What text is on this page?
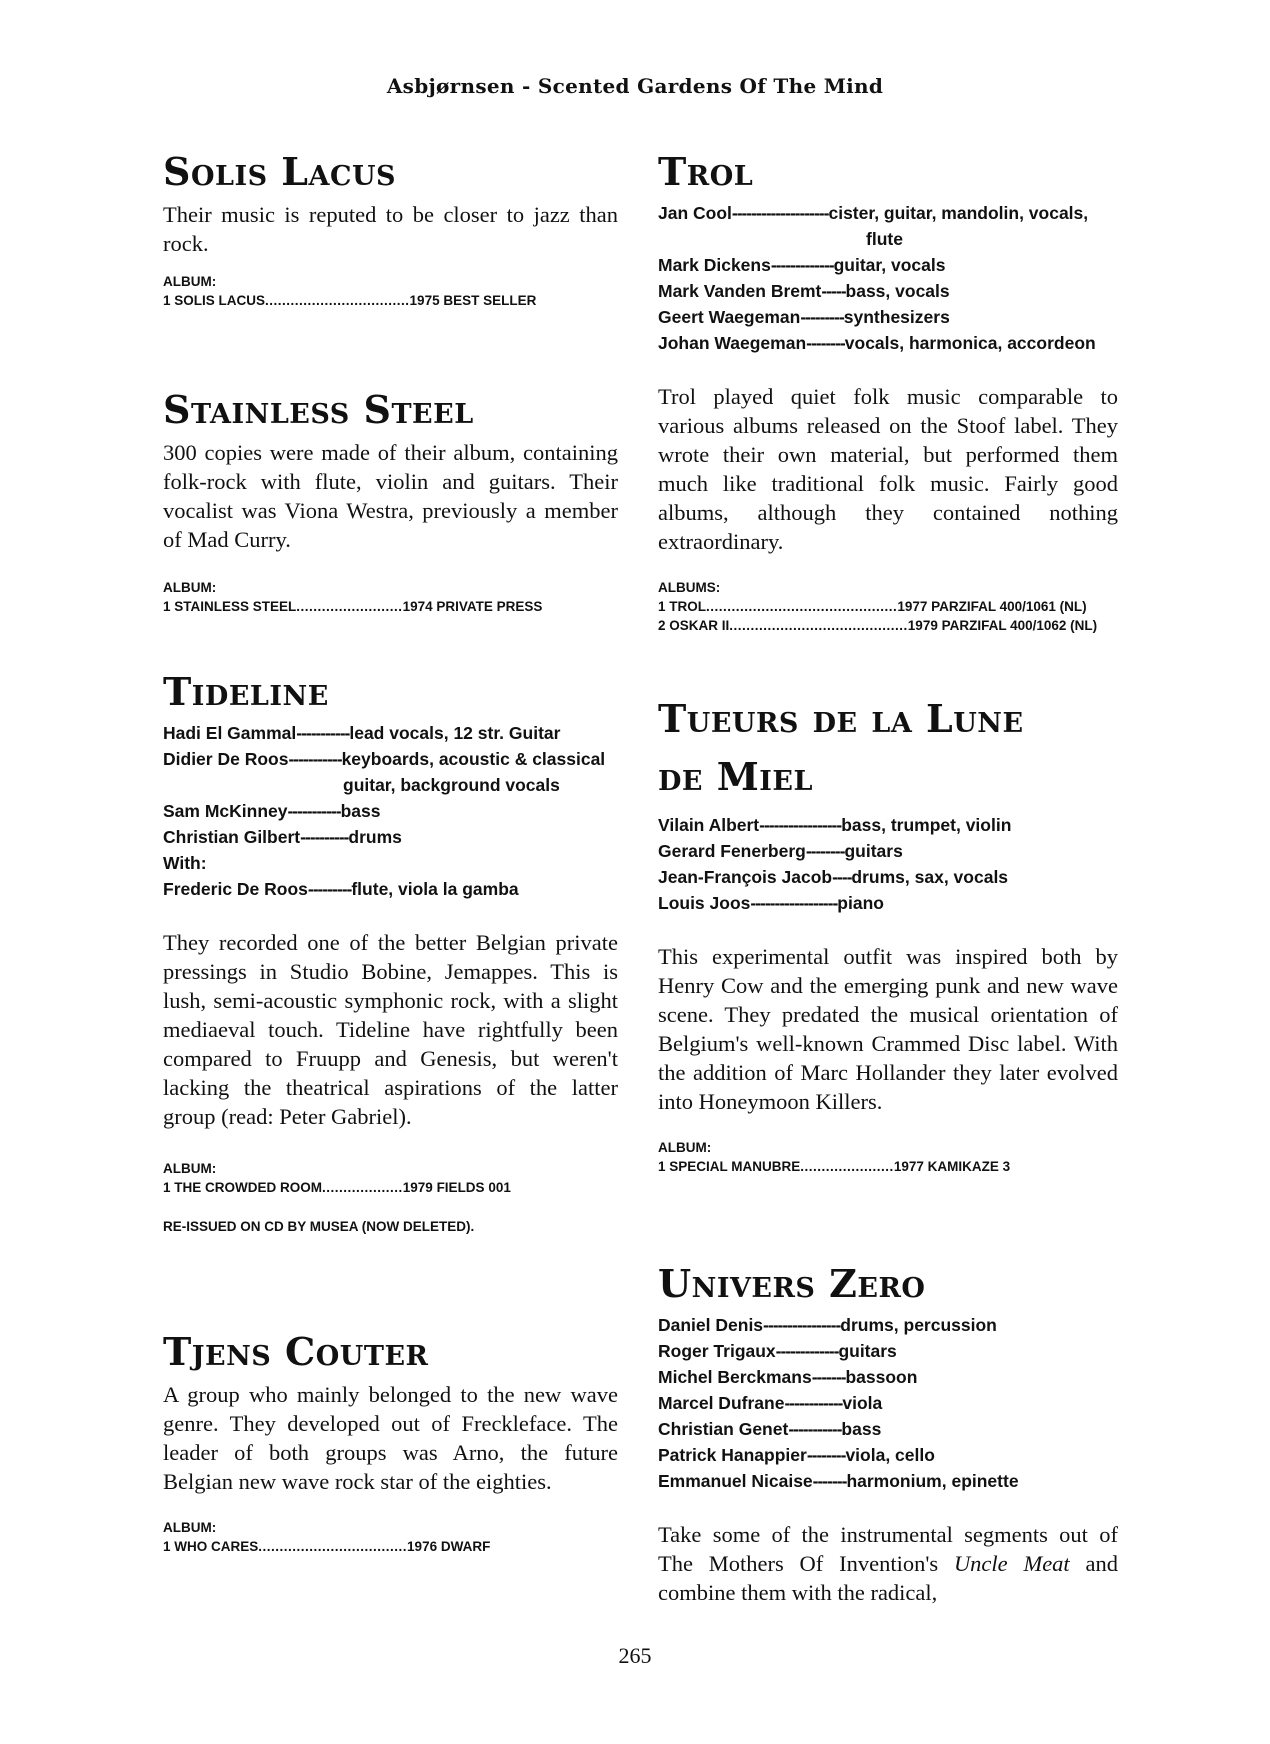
Asbjørnsen - Scented Gardens Of The Mind
Solis Lacus

Their music is reputed to be closer to jazz than rock.

ALBUM:
1 SOLIS LACUS .................................. 1975 BEST SELLER
Stainless Steel

300 copies were made of their album, containing folk-rock with flute, violin and guitars. Their vocalist was Viona Westra, previously a member of Mad Curry.

ALBUM:
1 STAINLESS STEEL ......................... 1974 PRIVATE PRESS
Tideline
Hadi El Gammal ----------- lead vocals, 12 str. Guitar
Didier De Roos ----------- keyboards, acoustic & classical
guitar, background vocals
Sam McKinney ----------- bass
Christian Gilbert ---------- drums
With:
Frederic De Roos --------- flute, viola la gamba

They recorded one of the better Belgian private pressings in Studio Bobine, Jemappes. This is lush, semi-acoustic symphonic rock, with a slight mediaeval touch. Tideline have rightfully been compared to Fruupp and Genesis, but weren't lacking the theatrical aspirations of the latter group (read: Peter Gabriel).

ALBUM:
1 THE CROWDED ROOM ................... 1979 FIELDS 001
RE-ISSUED ON CD BY MUSEA (NOW DELETED).
Tjens Couter

A group who mainly belonged to the new wave genre. They developed out of Freckleface. The leader of both groups was Arno, the future Belgian new wave rock star of the eighties.

ALBUM:
1 WHO CARES ................................... 1976 DWARF
Trol
Jan Cool -------------------- cister, guitar, mandolin, vocals,
flute
Mark Dickens ------------- guitar, vocals
Mark Vanden Bremt ----- bass, vocals
Geert Waegeman --------- synthesizers
Johan Waegeman -------- vocals, harmonica, accordeon

Trol played quiet folk music comparable to various albums released on the Stoof label. They wrote their own material, but performed them much like traditional folk music. Fairly good albums, although they contained nothing extraordinary.

ALBUMS:
1 TROL ............................................. 1977 PARZIFAL 400/1061 (NL)
2 OSKAR II .......................................... 1979 PARZIFAL 400/1062 (NL)
Tueurs de la Lune
de Miel
Vilain Albert ----------------- bass, trumpet, violin
Gerard Fenerberg -------- guitars
Jean-François Jacob ---- drums, sax, vocals
Louis Joos ------------------ piano

This experimental outfit was inspired both by Henry Cow and the emerging punk and new wave scene. They predated the musical orientation of Belgium's well-known Crammed Disc label. With the addition of Marc Hollander they later evolved into Honeymoon Killers.

ALBUM:
1 SPECIAL MANUBRE ...................... 1977 KAMIKAZE 3
Univers Zero
Daniel Denis ---------------- drums, percussion
Roger Trigaux ------------- guitars
Michel Berckmans ------- bassoon
Marcel Dufrane ------------ viola
Christian Genet ----------- bass
Patrick Hanappier -------- viola, cello
Emmanuel Nicaise ------- harmonium, epinette

Take some of the instrumental segments out of The Mothers Of Invention's Uncle Meat and combine them with the radical,

265
